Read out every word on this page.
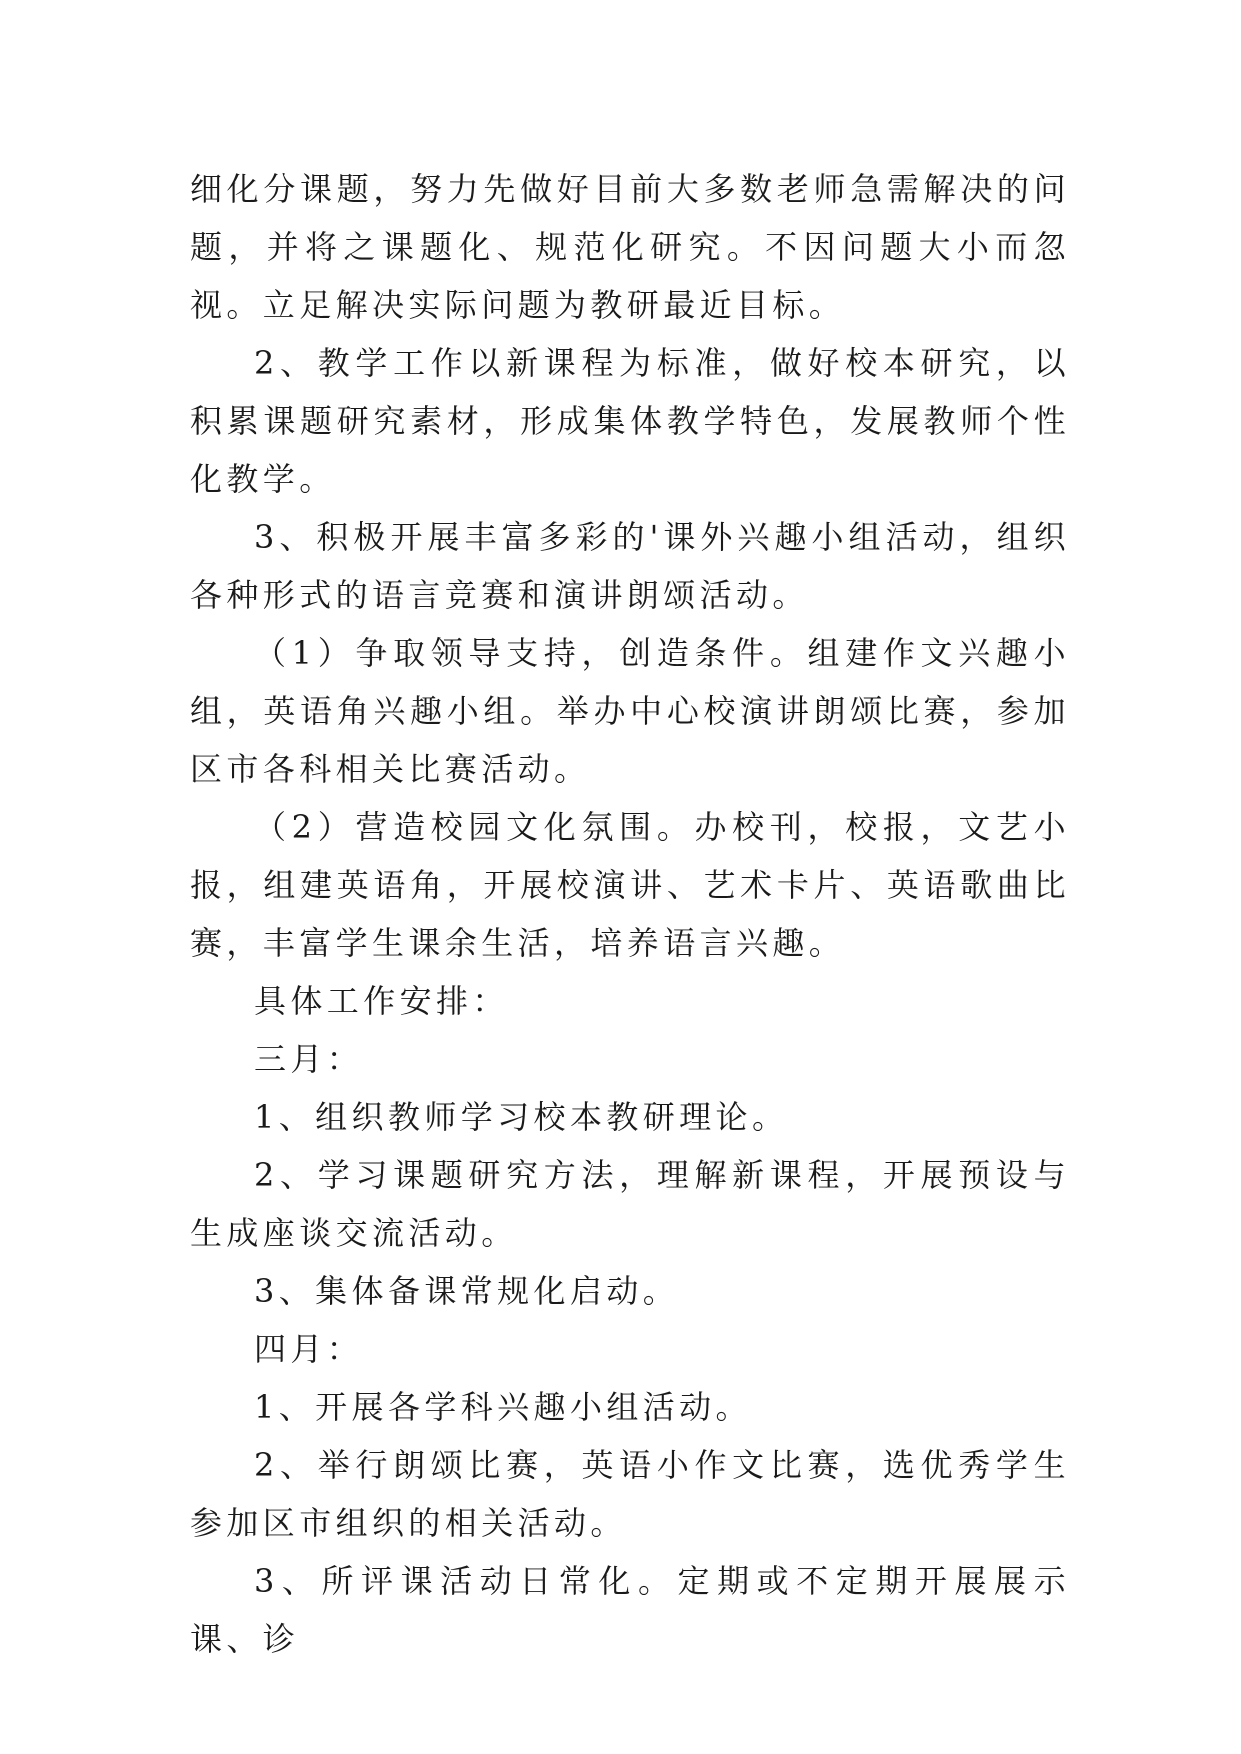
细化分课题，努力先做好目前大多数老师急需解决的问题，并将之课题化、规范化研究。不因问题大小而忽视。立足解决实际问题为教研最近目标。

2、教学工作以新课程为标准，做好校本研究，以积累课题研究素材，形成集体教学特色，发展教师个性化教学。

3、积极开展丰富多彩的'课外兴趣小组活动，组织各种形式的语言竞赛和演讲朗颂活动。

（1）争取领导支持，创造条件。组建作文兴趣小组，英语角兴趣小组。举办中心校演讲朗颂比赛，参加区市各科相关比赛活动。

（2）营造校园文化氛围。办校刊，校报，文艺小报，组建英语角，开展校演讲、艺术卡片、英语歌曲比赛，丰富学生课余生活，培养语言兴趣。

具体工作安排：

三月：

1、组织教师学习校本教研理论。

2、学习课题研究方法，理解新课程，开展预设与生成座谈交流活动。

3、集体备课常规化启动。

四月：

1、开展各学科兴趣小组活动。

2、举行朗颂比赛，英语小作文比赛，选优秀学生参加区市组织的相关活动。

3、所评课活动日常化。定期或不定期开展展示课、诊
